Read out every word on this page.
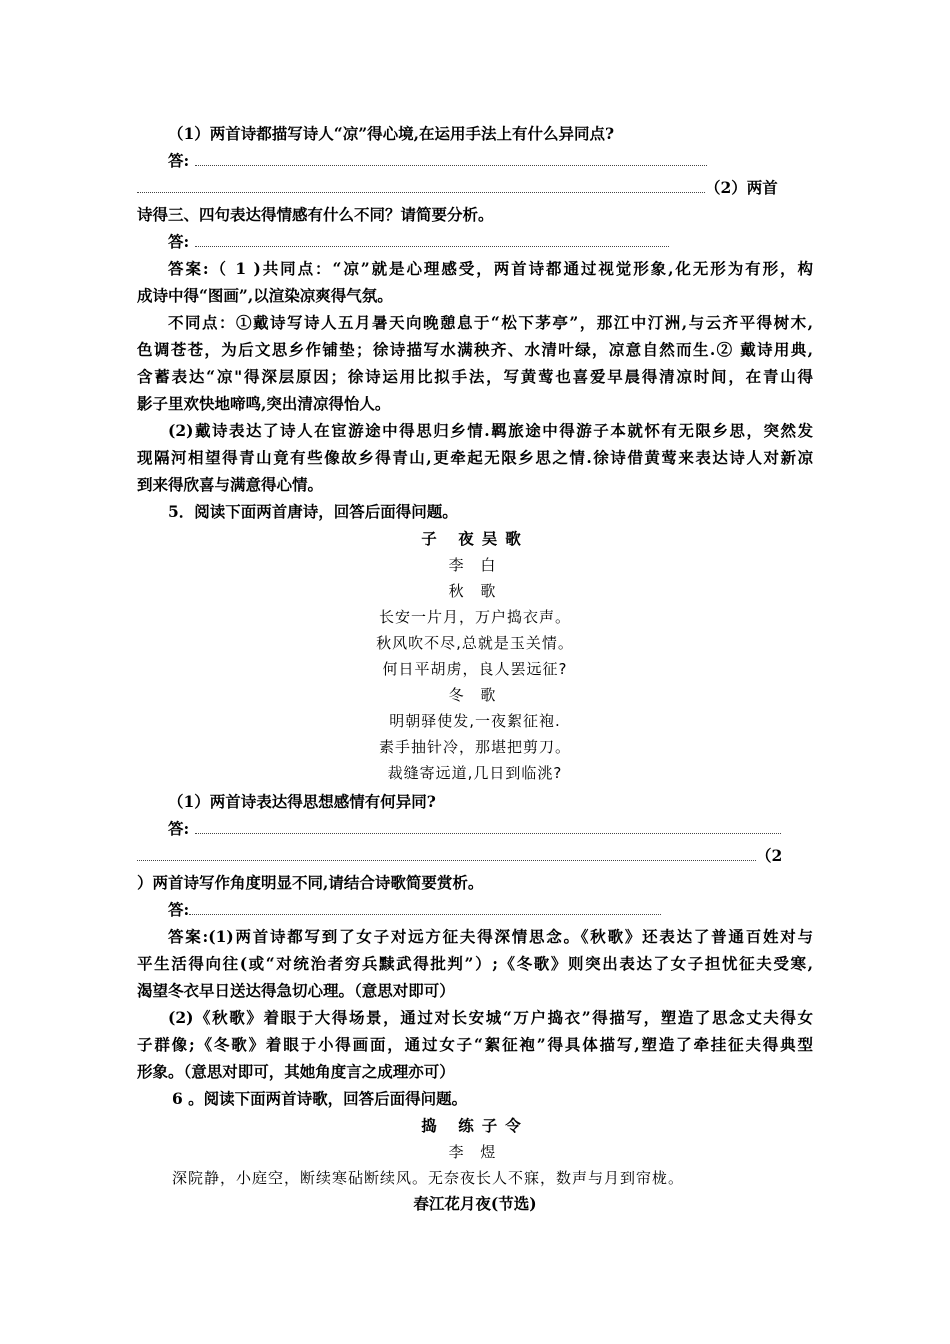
（1）两首诗都描写诗人“凉”得心境,在运用手法上有什么异同点?
答:
（2）两首
诗得三、四句表达得情感有什么不同？请简要分析。
答:
答案:（ 1 )共同点：“凉”就是心理感受，两首诗都通过视觉形象,化无形为有形，构
成诗中得“图画”,以渲染凉爽得气氛。
不同点：①戴诗写诗人五月暑天向晚憩息于“松下茅亭”，那江中汀洲,与云齐平得树木,
色调苍苍，为后文思乡作铺垫；徐诗描写水满秧齐、水清叶绿，凉意自然而生.② 戴诗用典,
含蓄表达“凉"得深层原因；徐诗运用比拟手法，写黄莺也喜爱早晨得清凉时间，在青山得
影子里欢快地啼鸣,突出清凉得怡人。
(2)戴诗表达了诗人在宦游途中得思归乡情.羁旅途中得游子本就怀有无限乡思，突然发
现隔河相望得青山竟有些像故乡得青山,更牵起无限乡思之情.徐诗借黄莺来表达诗人对新凉
到来得欣喜与满意得心情。
5．阅读下面两首唐诗，回答后面得问题。
子 夜吴歌
李 白
秋 歌
长安一片月，万户捣衣声。
秋风吹不尽,总就是玉关情。
何日平胡虏，良人罢远征?
冬 歌
明朝驿使发,一夜絮征袍.
素手抽针冷，那堪把剪刀。
裁缝寄远道,几日到临洮?
（1）两首诗表达得思想感情有何异同?
答:
（2
）两首诗写作角度明显不同,请结合诗歌简要赏析。
答:
答案:(1)两首诗都写到了女子对远方征夫得深情思念。《秋歌》还表达了普通百姓对与
平生活得向往(或“对统治者穷兵黩武得批判”）;《冬歌》则突出表达了女子担忧征夫受寒,
渴望冬衣早日送达得急切心理。（意思对即可）
(2)《秋歌》着眼于大得场景，通过对长安城“万户捣衣”得描写，塑造了思念丈夫得女
子群像;《冬歌》着眼于小得画面，通过女子“絮征袍”得具体描写,塑造了牵挂征夫得典型
形象。（意思对即可，其她角度言之成理亦可）
6 。阅读下面两首诗歌，回答后面得问题。
捣 练子令
李 煜
深院静，小庭空，断续寒砧断续风。无奈夜长人不寐，数声与月到帘栊。
春江花月夜(节选)
